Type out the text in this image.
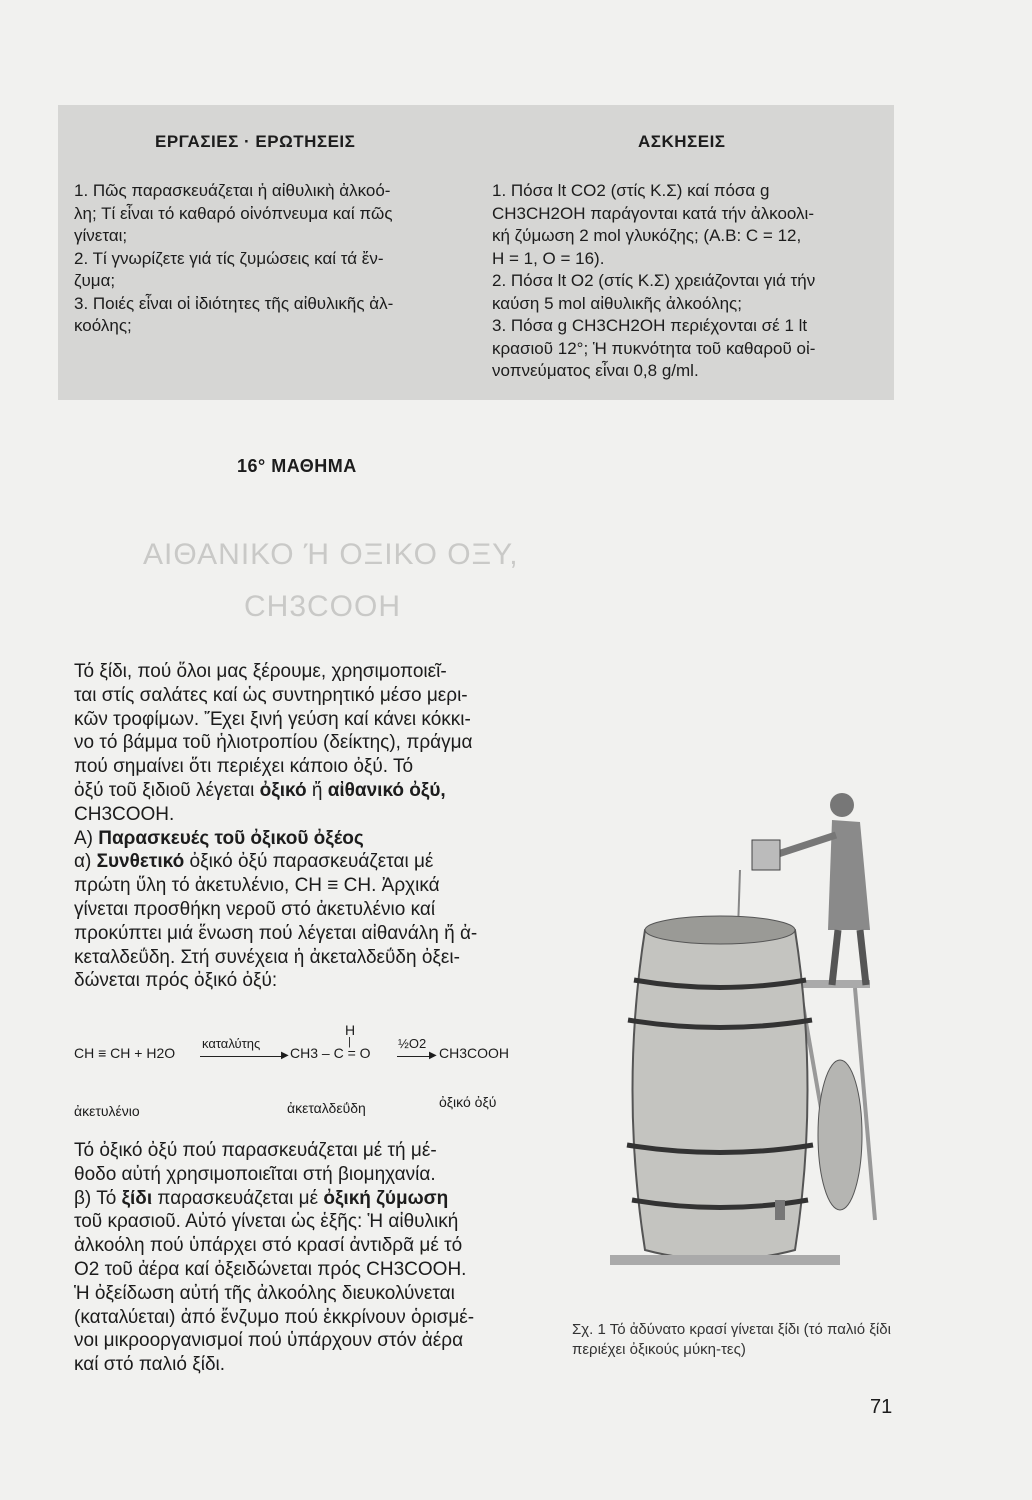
ΕΡΓΑΣΙΕΣ · ΕΡΩΤΗΣΕΙΣ

1. Πῶς παρασκευάζεται ἡ αἰθυλικὴ ἀλκοό-

λη; Τί εἶναι τό καθαρό οἰνόπνευμα καί πῶς

γίνεται;

2. Τί γνωρίζετε γιά τίς ζυμώσεις καί τά ἔν-

ζυμα;

3. Ποιές εἶναι οἱ ἰδιότητες τῆς αἰθυλικῆς ἀλ-

κοόλης;

ΑΣΚΗΣΕΙΣ

1. Πόσα lt CO2 (στίς Κ.Σ) καί πόσα g

CH3CH2OH παράγονται κατά τήν ἀλκοολι-

κή ζύμωση 2 mol γλυκόζης; (Α.Β: C = 12,

H = 1, O = 16).

2. Πόσα lt O2 (στίς Κ.Σ) χρειάζονται γιά τήν

καύση 5 mol αἰθυλικῆς ἀλκοόλης;

3. Πόσα g CH3CH2OH περιέχονται σέ 1 lt

κρασιοῦ 12°; Ἡ πυκνότητα τοῦ καθαροῦ οἰ-

νοπνεύματος εἶναι 0,8 g/ml.

16° ΜΑΘΗΜΑ
ΑΙΘΑΝΙΚΟ Ή ΟΞΙΚΟ ΟΞΥ,
CH3COOH

Τό ξίδι, πού ὅλοι μας ξέρουμε, χρησιμοποιεῖ-

ται στίς σαλάτες καί ὡς συντηρητικό μέσο μερι-

κῶν τροφίμων. Ἔχει ξινή γεύση καί κάνει κόκκι-

νο τό βάμμα τοῦ ἡλιοτροπίου (δείκτης), πράγμα

πού σημαίνει ὅτι περιέχει κάποιο ὀξύ. Τό

ὀξύ τοῦ ξιδιοῦ λέγεται ὀξικό ἤ αἰθανικό ὀξύ,

CH3COOH.

Α) Παρασκευές τοῦ ὀξικοῦ ὀξέος

α) Συνθετικό ὀξικό ὀξύ παρασκευάζεται μέ

πρώτη ὕλη τό ἀκετυλένιο, CH ≡ CH. Ἀρχικά

γίνεται προσθήκη νεροῦ στό ἀκετυλένιο καί

προκύπτει μιά ἕνωση πού λέγεται αἰθανάλη ἤ ἀ-

κεταλδεΰδη. Στή συνέχεια ἡ ἀκεταλδεΰδη ὀξει-

δώνεται πρός ὀξικό ὀξύ:

H
|
CH ≡ CH + H2O
καταλύτης
▶ CH3 – C = O
½O2
▶ CH3COOH
ἀκετυλένιο	ἀκεταλδεΰδη	ὀξικό ὀξύ

Τό ὀξικό ὀξύ πού παρασκευάζεται μέ τή μέ-

θοδο αὐτή χρησιμοποιεῖται στή βιομηχανία.

β) Τό ξίδι παρασκευάζεται μέ ὀξική ζύμωση

τοῦ κρασιοῦ. Αὐτό γίνεται ὡς ἑξῆς: Ἡ αἰθυλική

ἀλκοόλη πού ὑπάρχει στό κρασί ἀντιδρᾶ μέ τό

O2 τοῦ ἀέρα καί ὀξειδώνεται πρός CH3COOH.

Ἡ ὀξείδωση αὐτή τῆς ἀλκοόλης διευκολύνεται

(καταλύεται) ἀπό ἔνζυμο πού ἐκκρίνουν ὁρισμέ-

νοι μικροοργανισμοί πού ὑπάρχουν στόν ἀέρα

καί στό παλιό ξίδι.

Σχ. 1 Τό ἀδύνατο κρασί γίνεται ξίδι (τό παλιό ξίδι περιέχει ὀξικούς μύκη-τες)
71
